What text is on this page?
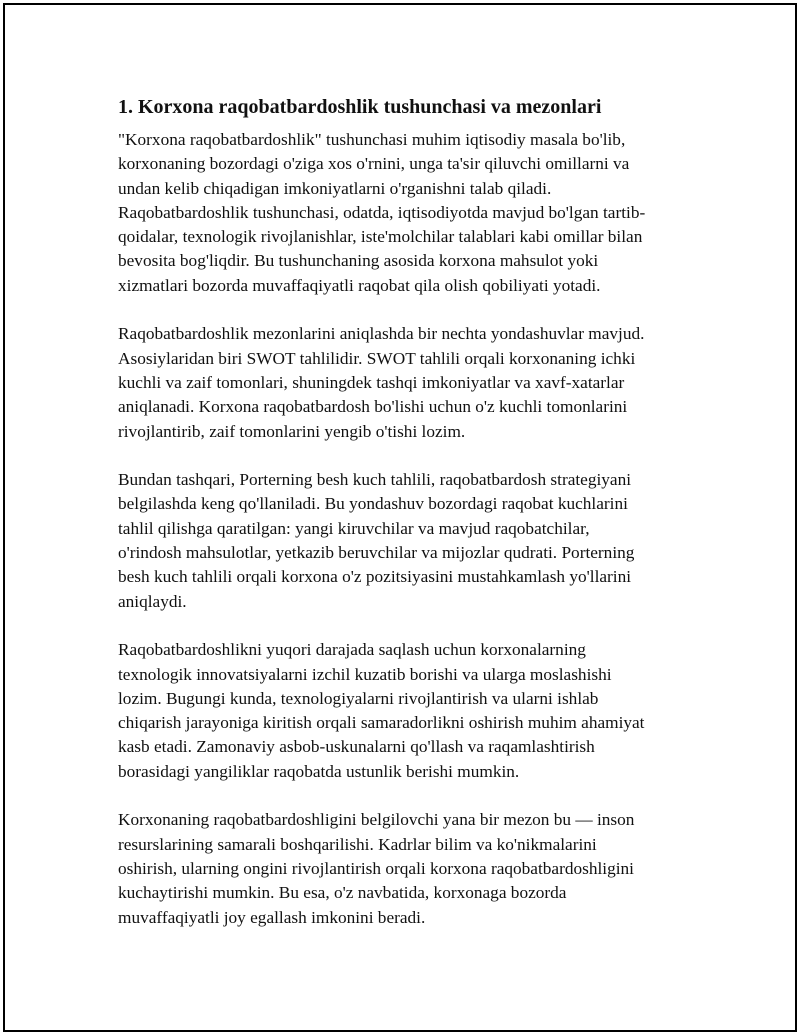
1. Korxona raqobatbardoshlik tushunchasi va mezonlari

"Korxona raqobatbardoshlik" tushunchasi muhim iqtisodiy masala bo'lib,
korxonaning bozordagi o'ziga xos o'rnini, unga ta'sir qiluvchi omillarni va
undan kelib chiqadigan imkoniyatlarni o'rganishni talab qiladi.
Raqobatbardoshlik tushunchasi, odatda, iqtisodiyotda mavjud bo'lgan tartib-
qoidalar, texnologik rivojlanishlar, iste'molchilar talablari kabi omillar bilan
bevosita bog'liqdir. Bu tushunchaning asosida korxona mahsulot yoki
xizmatlari bozorda muvaffaqiyatli raqobat qila olish qobiliyati yotadi.

Raqobatbardoshlik mezonlarini aniqlashda bir nechta yondashuvlar mavjud.
Asosiylaridan biri SWOT tahlilidir. SWOT tahlili orqali korxonaning ichki
kuchli va zaif tomonlari, shuningdek tashqi imkoniyatlar va xavf-xatarlar
aniqlanadi. Korxona raqobatbardosh bo'lishi uchun o'z kuchli tomonlarini
rivojlantirib, zaif tomonlarini yengib o'tishi lozim.

Bundan tashqari, Porterning besh kuch tahlili, raqobatbardosh strategiyani
belgilashda keng qo'llaniladi. Bu yondashuv bozordagi raqobat kuchlarini
tahlil qilishga qaratilgan: yangi kiruvchilar va mavjud raqobatchilar,
o'rindosh mahsulotlar, yetkazib beruvchilar va mijozlar qudrati. Porterning
besh kuch tahlili orqali korxona o'z pozitsiyasini mustahkamlash yo'llarini
aniqlaydi.

Raqobatbardoshlikni yuqori darajada saqlash uchun korxonalarning
texnologik innovatsiyalarni izchil kuzatib borishi va ularga moslashishi
lozim. Bugungi kunda, texnologiyalarni rivojlantirish va ularni ishlab
chiqarish jarayoniga kiritish orqali samaradorlikni oshirish muhim ahamiyat
kasb etadi. Zamonaviy asbob-uskunalarni qo'llash va raqamlashtirish
borasidagi yangiliklar raqobatda ustunlik berishi mumkin.

Korxonaning raqobatbardoshligini belgilovchi yana bir mezon bu — inson
resurslarining samarali boshqarilishi. Kadrlar bilim va ko'nikmalarini
oshirish, ularning ongini rivojlantirish orqali korxona raqobatbardoshligini
kuchaytirishi mumkin. Bu esa, o'z navbatida, korxonaga bozorda
muvaffaqiyatli joy egallash imkonini beradi.
